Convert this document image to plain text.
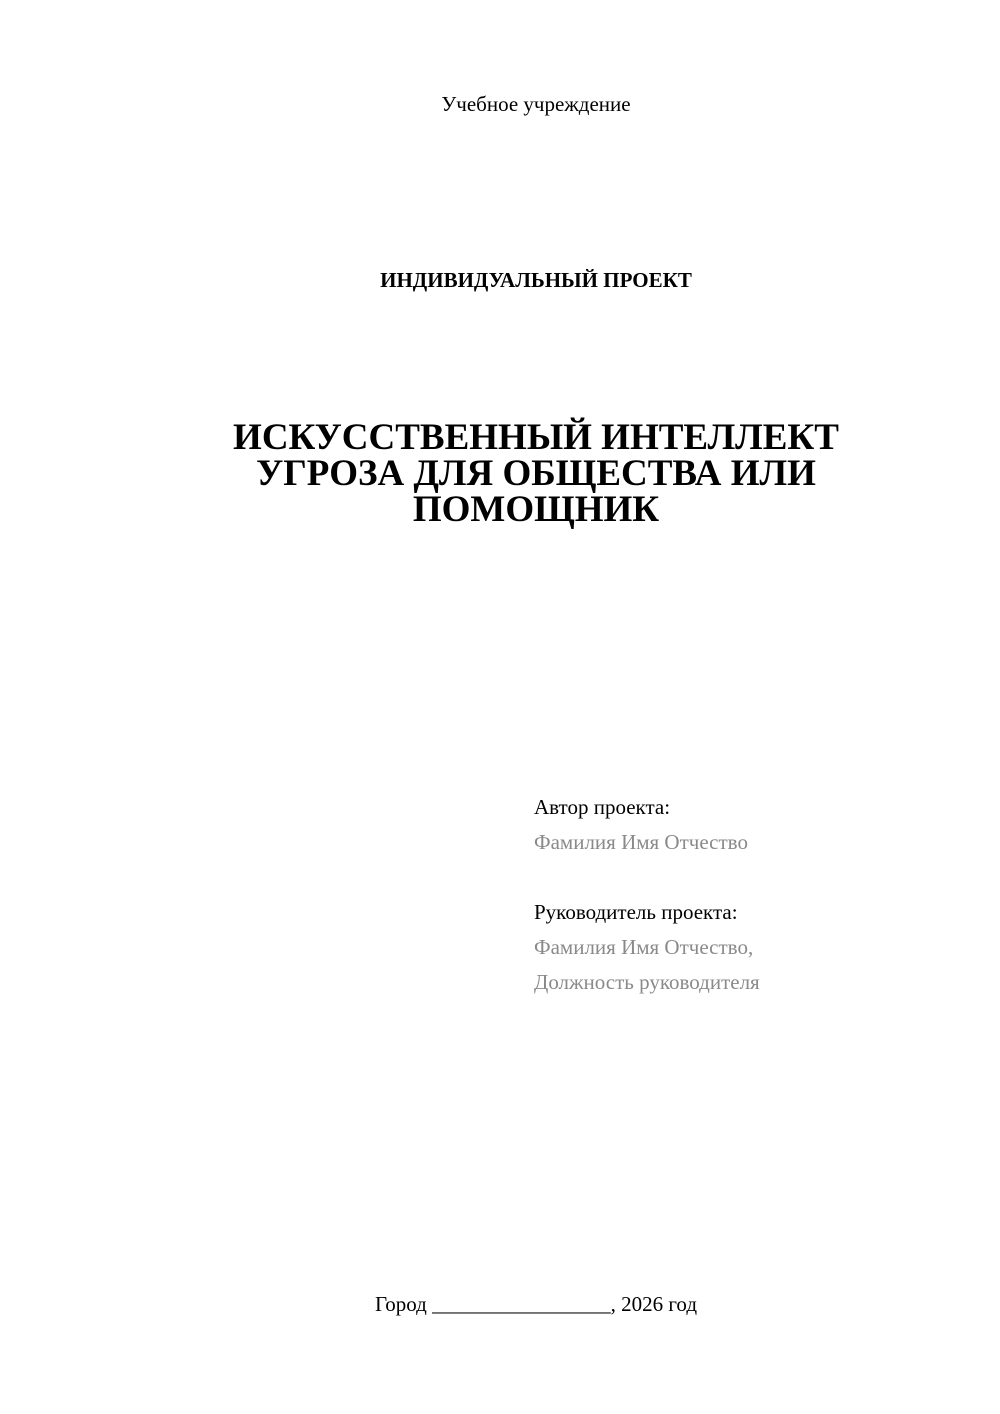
Учебное учреждение
ИНДИВИДУАЛЬНЫЙ ПРОЕКТ
ИСКУССТВЕННЫЙ ИНТЕЛЛЕКТ
УГРОЗА ДЛЯ ОБЩЕСТВА ИЛИ
ПОМОЩНИК
Автор проекта:
Фамилия Имя Отчество
Руководитель проекта:
Фамилия Имя Отчество,
Должность руководителя
Город _________________, 2026 год
